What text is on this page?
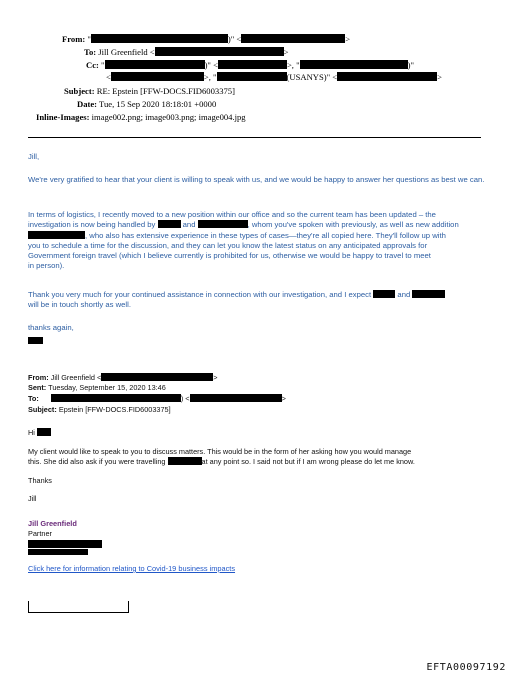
From: "	)" <	>
To: Jill Greenfield <	>
Cc: "	)" <	>, "	)"
<	>, "	(USANYS)" <	>
Subject: RE: Epstein [FFW-DOCS.FID6003375]
Date: Tue, 15 Sep 2020 18:18:01 +0000
Inline-Images: image002.png; image003.png; image004.jpg
Jill,
We're very gratified to hear that your client is willing to speak with us, and we would be happy to answer her questions as best we can.
In terms of logistics, I recently moved to a new position within our office and so the current team has been updated – the
investigation is now being handled by	and	, whom you've spoken with previously, as well as new addition
, who also has extensive experience in these types of cases—they're all copied here. They'll follow up with
you to schedule a time for the discussion, and they can let you know the latest status on any anticipated approvals for
Government foreign travel (which I believe currently is prohibited for us, otherwise we would be happy to travel to meet
in person).
Thank you very much for your continued assistance in connection with our investigation, and I expect	and
will be in touch shortly as well.
thanks again,
From: Jill Greenfield <	>
Sent: Tuesday, September 15, 2020 13:46
To:	) <	>
Subject: Epstein [FFW-DOCS.FID6003375]
Hi
My client would like to speak to you to discuss matters. This would be in the form of her asking how you would manage
this. She did also ask if you were travelling	at any point so. I said not but if I am wrong please do let me know.
Thanks
Jill
Jill Greenfield
Partner
Click here for information relating to Covid-19 business impacts
EFTA00097192
